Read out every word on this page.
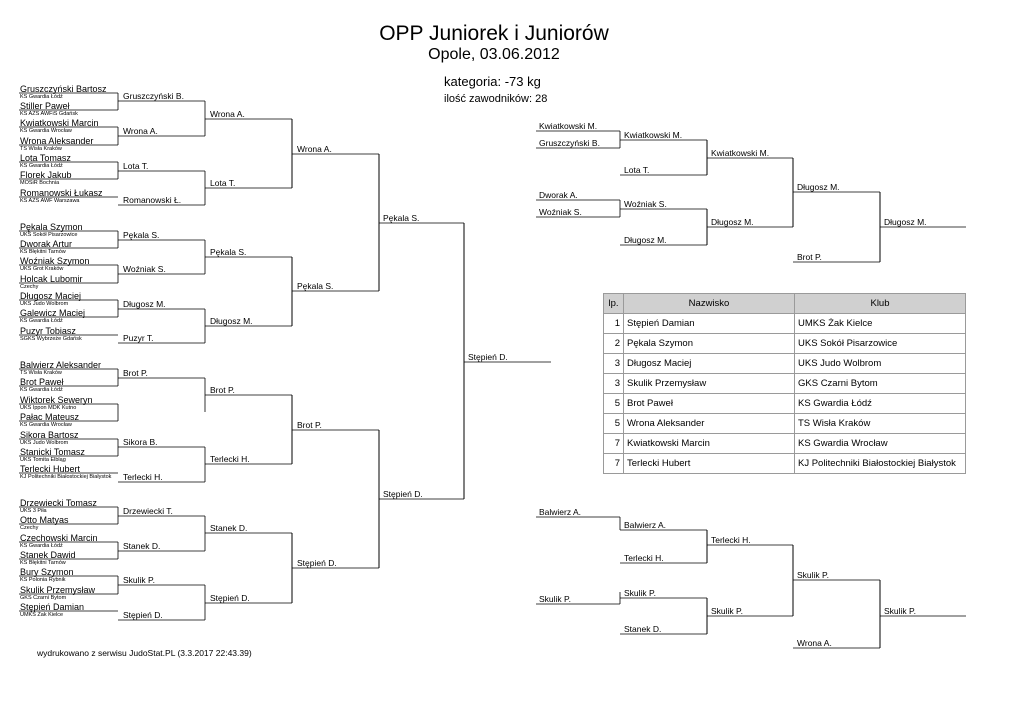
OPP Juniorek i Juniorów
Opole, 03.06.2012
kategoria: -73 kg
ilość zawodników: 28
Gruszczyński Bartosz
KS Gwardia Łódź
Stiller Paweł
KS AZS AWFiS Gdańsk
Kwiatkowski Marcin
KS Gwardia Wrocław
Wrona Aleksander
TS Wisła Kraków
Lota Tomasz
KS Gwardia Łódź
Florek Jakub
MOSiR Bochnia
Romanowski Łukasz
KS AZS AWF Warszawa
Pękala Szymon
UKS Sokół Pisarzowice
Dworak Artur
KS Błękitni Tarnów
Woźniak Szymon
UKS Grot Kraków
Holcak Lubomir
Czechy
Długosz Maciej
UKS Judo Wolbrom
Galewicz Maciej
KS Gwardia Łódź
Puzyr Tobiasz
SGKS Wybrzeże Gdańsk
Balwierz Aleksander
TS Wisła Kraków
Brot Paweł
KS Gwardia Łódź
Wiktorek Seweryn
UKS Ippon MDK Kutno
Pałac Mateusz
KS Gwardia Wrocław
Sikora Bartosz
UKS Judo Wolbrom
Stanicki Tomasz
UKS Tomita Elbląg
Terlecki Hubert
KJ Politechniki Białostockiej Białystok
Drzewiecki Tomasz
UKS 3 Piła
Otto Matyas
Czechy
Czechowski Marcin
KS Gwardia Łódź
Stanek Dawid
KS Błękitni Tarnów
Bury Szymon
KS Polonia Rybnik
Skulik Przemysław
GKS Czarni Bytom
Stępień Damian
UMKS Żak Kielce
Gruszczyński B.
Wrona A.
Lota T.
Romanowski Ł.
Pękala S.
Woźniak S.
Długosz M.
Puzyr T.
Brot P.
Sikora B.
Terlecki H.
Drzewiecki T.
Stanek D.
Skulik P.
Stępień D.
Wrona A.
Lota T.
Pękala S.
Długosz M.
Brot P.
Terlecki H.
Stanek D.
Stępień D.
Wrona A.
Pękala S.
Brot P.
Stępień D.
Pękala S.
Stępień D.
Stępień D.
Kwiatkowski M.
Gruszczyński B.
Dworak A.
Woźniak S.
Kwiatkowski M.
Lota T.
Woźniak S.
Długosz M.
Kwiatkowski M.
Długosz M.
Długosz M.
Brot P.
Długosz M.
Balwierz A.
Skulik P.
Balwierz A.
Terlecki H.
Skulik P.
Stanek D.
Terlecki H.
Skulik P.
Skulik P.
Wrona A.
Skulik P.
lp.	Nazwisko	Klub
1	Stępień Damian	UMKS Żak Kielce
2	Pękala Szymon	UKS Sokół Pisarzowice
3	Długosz Maciej	UKS Judo Wolbrom
3	Skulik Przemysław	GKS Czarni Bytom
5	Brot Paweł	KS Gwardia Łódź
5	Wrona Aleksander	TS Wisła Kraków
7	Kwiatkowski Marcin	KS Gwardia Wrocław
7	Terlecki Hubert	KJ Politechniki Białostockiej Białystok
wydrukowano z serwisu JudoStat.PL (3.3.2017 22:43.39)
